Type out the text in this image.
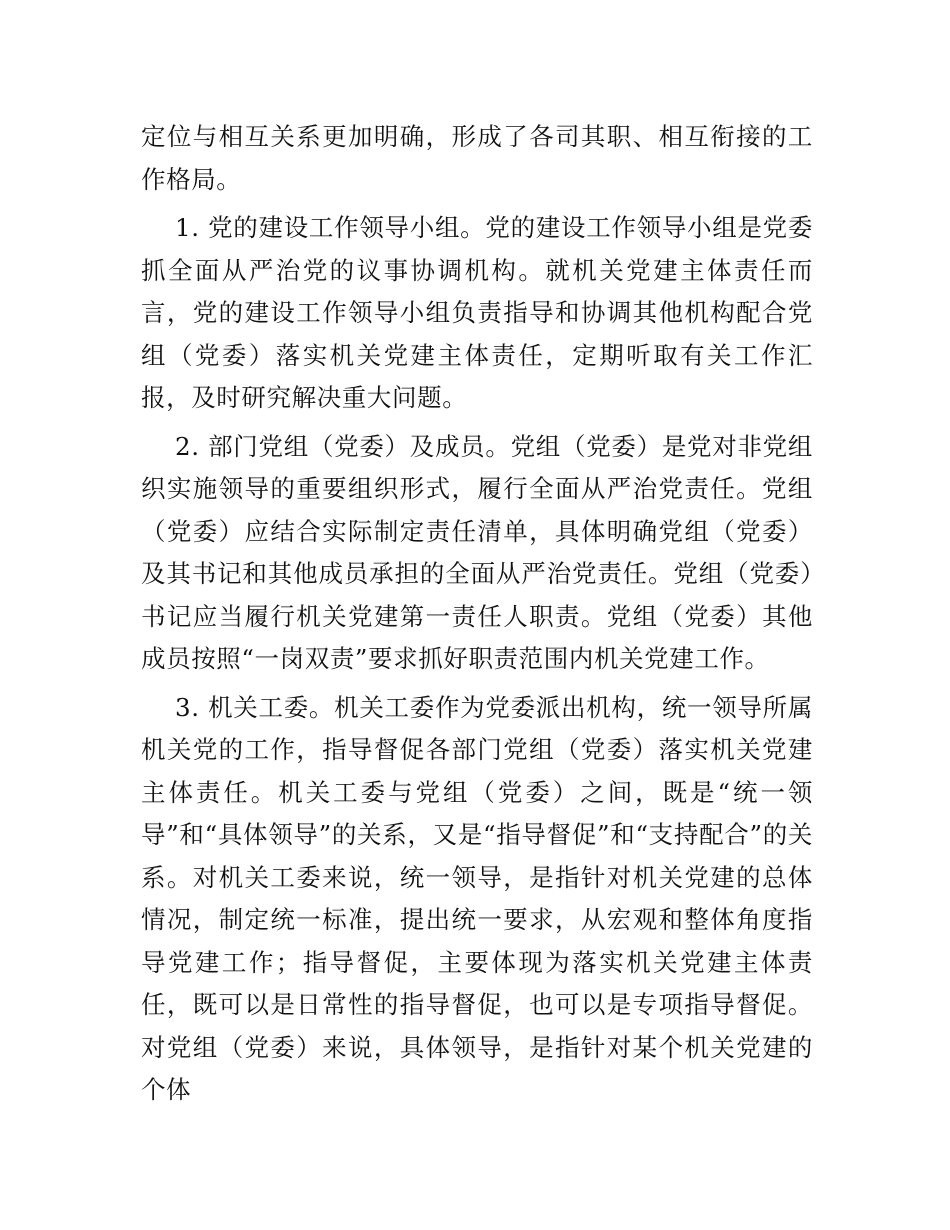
定位与相互关系更加明确，形成了各司其职、相互衔接的工作格局。

1. 党的建设工作领导小组。党的建设工作领导小组是党委抓全面从严治党的议事协调机构。就机关党建主体责任而言，党的建设工作领导小组负责指导和协调其他机构配合党组（党委）落实机关党建主体责任，定期听取有关工作汇报，及时研究解决重大问题。

2. 部门党组（党委）及成员。党组（党委）是党对非党组织实施领导的重要组织形式，履行全面从严治党责任。党组（党委）应结合实际制定责任清单，具体明确党组（党委）及其书记和其他成员承担的全面从严治党责任。党组（党委）书记应当履行机关党建第一责任人职责。党组（党委）其他成员按照“一岗双责”要求抓好职责范围内机关党建工作。

3. 机关工委。机关工委作为党委派出机构，统一领导所属机关党的工作，指导督促各部门党组（党委）落实机关党建主体责任。机关工委与党组（党委）之间，既是“统一领导”和“具体领导”的关系，又是“指导督促”和“支持配合”的关系。对机关工委来说，统一领导，是指针对机关党建的总体情况，制定统一标准，提出统一要求，从宏观和整体角度指导党建工作；指导督促，主要体现为落实机关党建主体责任，既可以是日常性的指导督促，也可以是专项指导督促。对党组（党委）来说，具体领导，是指针对某个机关党建的个体
